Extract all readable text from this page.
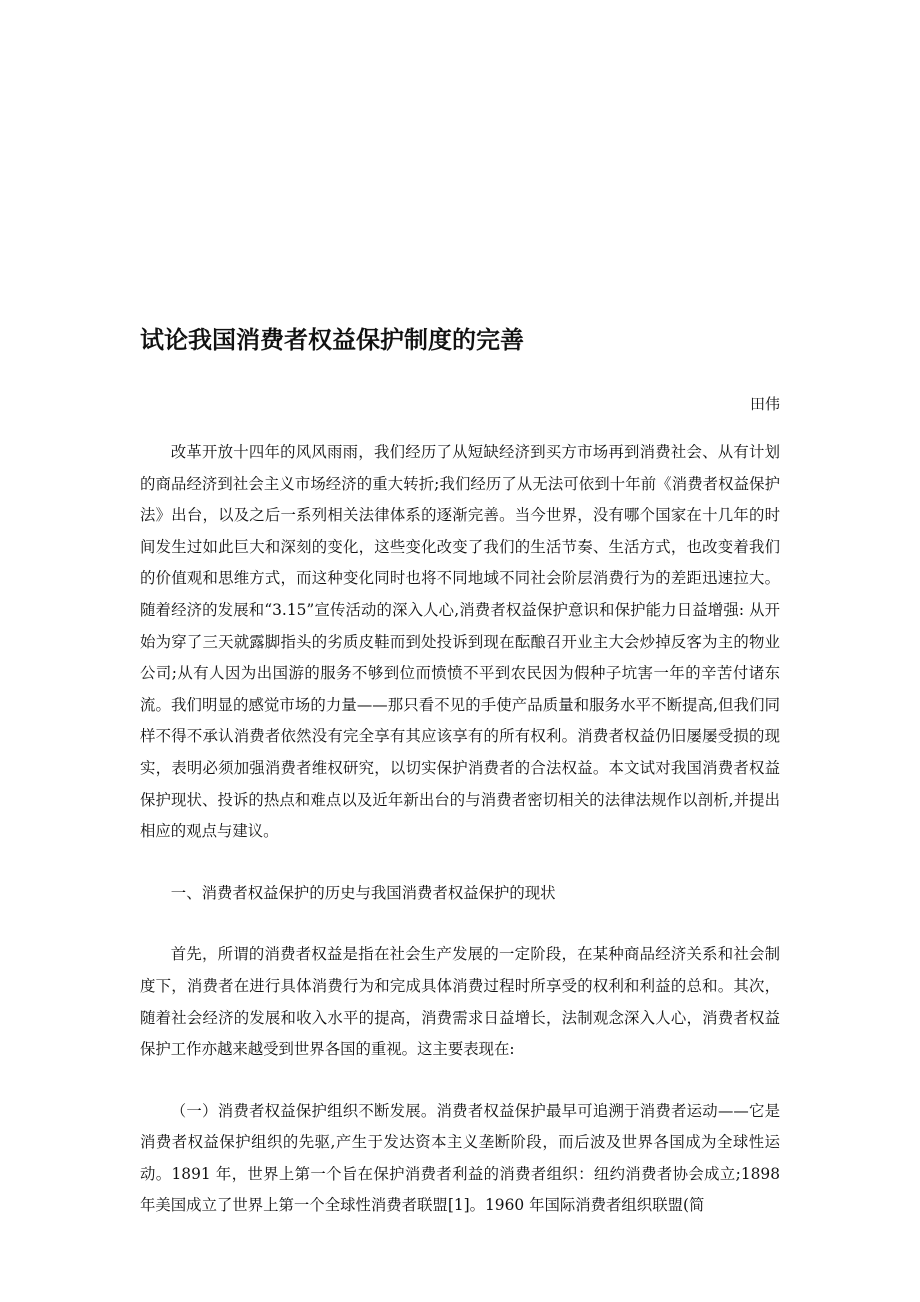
试论我国消费者权益保护制度的完善
田伟

改革开放十四年的风风雨雨，我们经历了从短缺经济到买方市场再到消费社会、从有计划的商品经济到社会主义市场经济的重大转折;我们经历了从无法可依到十年前《消费者权益保护法》出台，以及之后一系列相关法律体系的逐渐完善。当今世界，没有哪个国家在十几年的时间发生过如此巨大和深刻的变化，这些变化改变了我们的生活节奏、生活方式，也改变着我们的价值观和思维方式，而这种变化同时也将不同地域不同社会阶层消费行为的差距迅速拉大。随着经济的发展和“3.15”宣传活动的深入人心,消费者权益保护意识和保护能力日益增强: 从开始为穿了三天就露脚指头的劣质皮鞋而到处投诉到现在酝酿召开业主大会炒掉反客为主的物业公司;从有人因为出国游的服务不够到位而愤愤不平到农民因为假种子坑害一年的辛苦付诸东流。我们明显的感觉市场的力量——那只看不见的手使产品质量和服务水平不断提高,但我们同样不得不承认消费者依然没有完全享有其应该享有的所有权利。消费者权益仍旧屡屡受损的现实，表明必须加强消费者维权研究，以切实保护消费者的合法权益。本文试对我国消费者权益保护现状、投诉的热点和难点以及近年新出台的与消费者密切相关的法律法规作以剖析,并提出相应的观点与建议。

一、消费者权益保护的历史与我国消费者权益保护的现状

首先，所谓的消费者权益是指在社会生产发展的一定阶段，在某种商品经济关系和社会制度下，消费者在进行具体消费行为和完成具体消费过程时所享受的权利和利益的总和。其次，随着社会经济的发展和收入水平的提高，消费需求日益增长，法制观念深入人心，消费者权益保护工作亦越来越受到世界各国的重视。这主要表现在:

（一）消费者权益保护组织不断发展。消费者权益保护最早可追溯于消费者运动——它是消费者权益保护组织的先驱,产生于发达资本主义垄断阶段，而后波及世界各国成为全球性运动。1891 年，世界上第一个旨在保护消费者利益的消费者组织：纽约消费者协会成立;1898 年美国成立了世界上第一个全球性消费者联盟[1]。1960 年国际消费者组织联盟(简
